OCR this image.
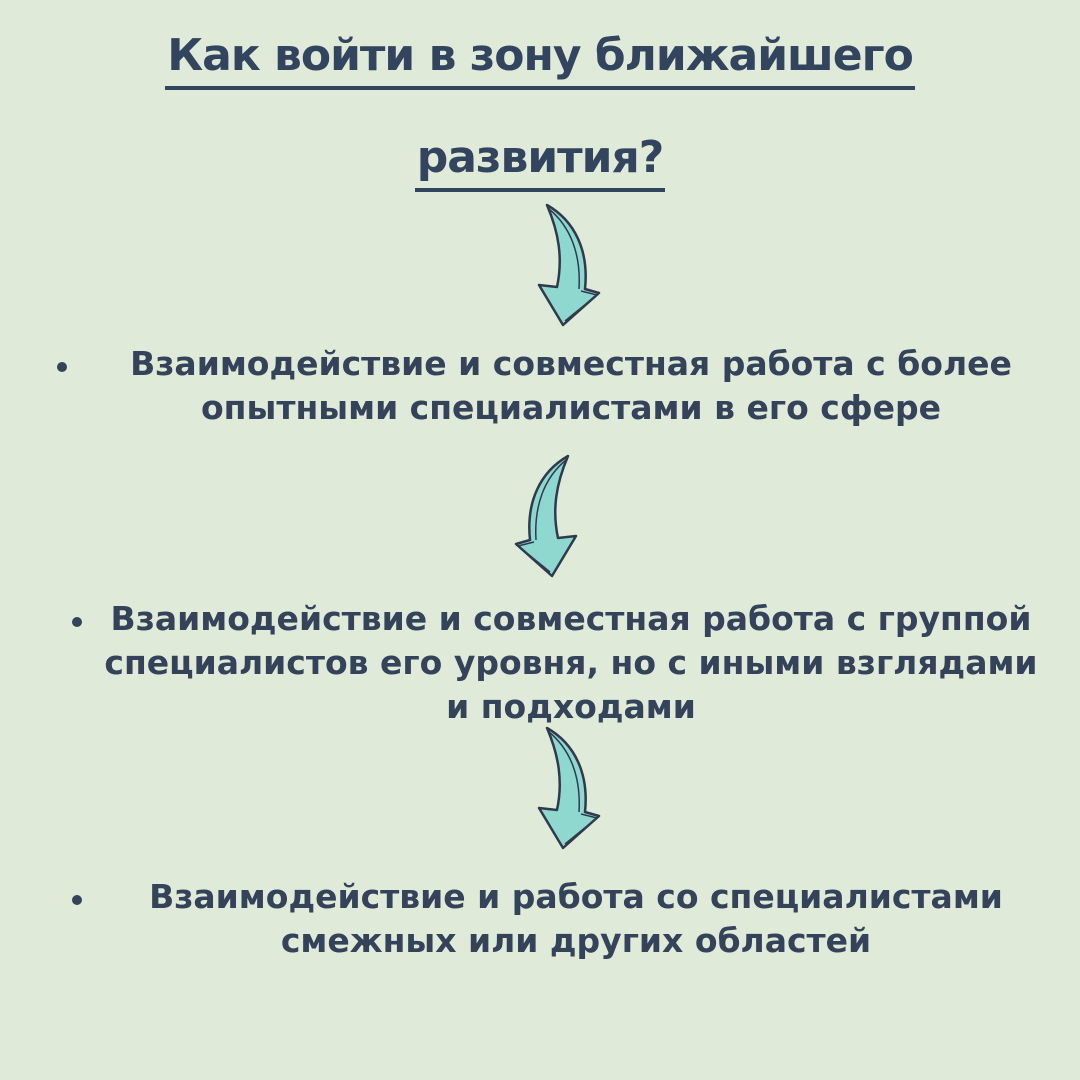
Как войти в зону ближайшего
развития?
Взаимодействие и совместная работа с более опытными специалистами в его сфере
Взаимодействие и совместная работа с группой специалистов его уровня, но с иными взглядами и подходами
Взаимодействие и работа со специалистами смежных или других областей
